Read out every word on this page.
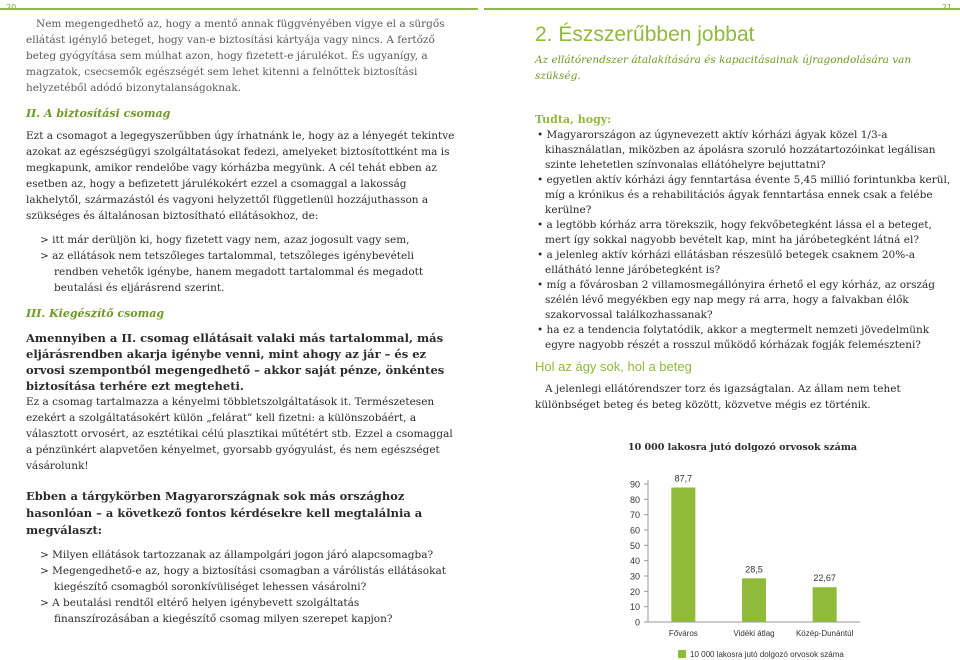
Nem megengedhető az, hogy a mentő annak függvényében vigye el a sürgős ellátást igénylő beteget, hogy van-e biztosítási kártyája vagy nincs. A fertőző beteg gyógyítása sem múlhat azon, hogy fizetett-e járulékot. És ugyanígy, a magzatok, csecsemők egészségét sem lehet kitenni a felnőttek biztosítási helyzetéből adódó bizonytalanságoknak.

II. A biztosítási csomag

Ezt a csomagot a legegyszerűbben úgy írhatnánk le, hogy az a lényegét tekintve azokat az egészségügyi szolgáltatásokat fedezi, amelyeket biztosítottként ma is megkapunk, amikor rendelőbe vagy kórházba megyünk. A cél tehát ebben az esetben az, hogy a befizetett járulékokért ezzel a csomaggal a lakosság lakhelytől, származástól és vagyoni helyzettől függetlenül hozzájuthasson a szükséges és általánosan biztosítható ellátásokhoz, de:

> itt már derüljön ki, hogy fizetett vagy nem, azaz jogosult vagy sem,
> az ellátások nem tetszőleges tartalommal, tetszőleges igénybevételi rendben vehetők igénybe, hanem megadott tartalommal és megadott beutalási és eljárásrend szerint.
III. Kiegészítő csomag

Amennyiben a II. csomag ellátásait valaki más tartalommal, más eljárásrendben akarja igénybe venni, mint ahogy az jár – és ez orvosi szempontból megengedhető – akkor saját pénze, önkéntes biztosítása terhére ezt megteheti.

Ez a csomag tartalmazza a kényelmi többletszolgáltatások it. Természetesen ezekért a szolgáltatásokért külön „felárat” kell fizetni: a különszobáért, a választott orvosért, az esztétikai célú plasztikai műtétért stb. Ezzel a csomaggal a pénzünkért alapvetően kényelmet, gyorsabb gyógyulást, és nem egészséget vásárolunk!

Ebben a tárgykörben Magyarországnak sok más országhoz hasonlóan – a következő fontos kérdésekre kell megtalálnia a megválaszt:

> Milyen ellátások tartozzanak az állampolgári jogon járó alapcsomagba?
> Megengedhető-e az, hogy a biztosítási csomagban a várólistás ellátásokat kiegészítő csomagból soronkívüliséget lehessen vásárolni?
> A beutalási rendtől eltérő helyen igénybevett szolgáltatás finanszírozásában a kiegészítő csomag milyen szerepet kapjon?
2. Észszerűbben jobbat

Az ellátórendszer átalakítására és kapacitásainak újragondolására van szükség.

Tudta, hogy:

• Magyarországon az úgynevezett aktív kórházi ágyak közel 1/3-a kihasználatlan, miközben az ápolásra szoruló hozzátartozóinkat legálisan szinte lehetetlen színvonalas ellátóhelyre bejuttatni?
• egyetlen aktív kórházi ágy fenntartása évente 5,45 millió forintunkba kerül, míg a krónikus és a rehabilitációs ágyak fenntartása ennek csak a felébe kerülne?
• a legtöbb kórház arra törekszik, hogy fekvőbetegként lássa el a beteget, mert így sokkal nagyobb bevételt kap, mint ha járóbetegként látná el?
• a jelenleg aktív kórházi ellátásban részesülő betegek csaknem 20%-a elláthátó lenne járóbetegként is?
• míg a fővárosban 2 villamosmegállónyira érhető el egy kórház, az ország szélén lévő megyékben egy nap megy rá arra, hogy a falvakban élők szakorvossal találkozhassanak?
• ha ez a tendencia folytatódik, akkor a megtermelt nemzeti jövedelmünk egyre nagyobb részét a rosszul működő kórházak fogják felemészteni?
Hol az ágy sok, hol a beteg

A jelenlegi ellátórendszer torz és igazságtalan. Az állam nem tehet különbséget beteg és beteg között, közvetve mégis ez történik.

10 000 lakosra jutó dolgozó orvosok száma
0
10
20
30
40
50
60
70
80
90
87,7
Főváros
28,5
Vidéki átlag
22,67
Közép-Dunántúl
10 000 lakosra jutó dolgozó orvosok száma
